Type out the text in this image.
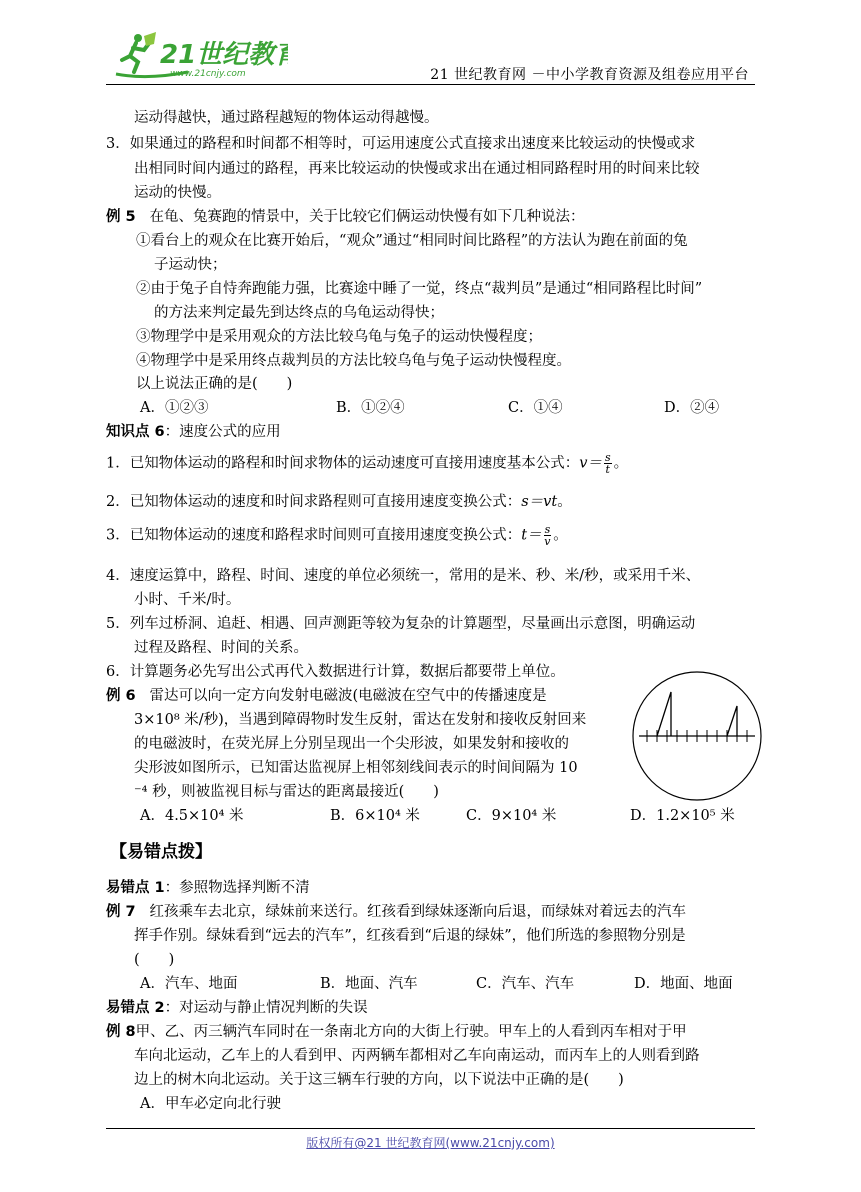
21世纪教育
www.21cnjy.com	21 世纪教育网 －中小学教育资源及组卷应用平台
运动得越快，通过路程越短的物体运动得越慢。
3．如果通过的路程和时间都不相等时，可运用速度公式直接求出速度来比较运动的快慢或求
出相同时间内通过的路程，再来比较运动的快慢或求出在通过相同路程时用的时间来比较
运动的快慢。
例 5 在龟、兔赛跑的情景中，关于比较它们俩运动快慢有如下几种说法：
①看台上的观众在比赛开始后，“观众”通过“相同时间比路程”的方法认为跑在前面的兔
子运动快；
②由于兔子自恃奔跑能力强，比赛途中睡了一觉，终点“裁判员”是通过“相同路程比时间”
的方法来判定最先到达终点的乌龟运动得快；
③物理学中是采用观众的方法比较乌龟与兔子的运动快慢程度；
④物理学中是采用终点裁判员的方法比较乌龟与兔子运动快慢程度。
以上说法正确的是(　　)
A．①②③	B．①②④	C．①④	D．②④
知识点 6：速度公式的应用
1．已知物体运动的路程和时间求物体的运动速度可直接用速度基本公式：$v= \frac{s}{t}$ 。
2．已知物体运动的速度和时间求路程则可直接用速度变换公式：s＝vt。
3．已知物体运动的速度和路程求时间则可直接用速度变换公式：$t= \frac{s}{v}$ 。
4．速度运算中，路程、时间、速度的单位必须统一，常用的是米、秒、米/秒，或采用千米、
小时、千米/时。
5．列车过桥洞、追赶、相遇、回声测距等较为复杂的计算题型，尽量画出示意图，明确运动
过程及路程、时间的关系。
6．计算题务必先写出公式再代入数据进行计算，数据后都要带上单位。
例 6 雷达可以向一定方向发射电磁波(电磁波在空气中的传播速度是
3×10⁸ 米/秒)，当遇到障碍物时发生反射，雷达在发射和接收反射回来
的电磁波时，在荧光屏上分别呈现出一个尖形波，如果发射和接收的
尖形波如图所示，已知雷达监视屏上相邻刻线间表示的时间间隔为 10
⁻⁴ 秒，则被监视目标与雷达的距离最接近(　　)
A．4.5×10⁴ 米	B．6×10⁴ 米	C．9×10⁴ 米	D．1.2×10⁵ 米
【易错点拨】
易错点 1：参照物选择判断不清
例 7 红孩乘车去北京，绿妹前来送行。红孩看到绿妹逐渐向后退，而绿妹对着远去的汽车
挥手作别。绿妹看到“远去的汽车”，红孩看到“后退的绿妹”，他们所选的参照物分别是
(　　)
A．汽车、地面	B．地面、汽车	C．汽车、汽车	D．地面、地面
易错点 2：对运动与静止情况判断的失误
例 8甲、乙、丙三辆汽车同时在一条南北方向的大街上行驶。甲车上的人看到丙车相对于甲
车向北运动，乙车上的人看到甲、丙两辆车都相对乙车向南运动，而丙车上的人则看到路
边上的树木向北运动。关于这三辆车行驶的方向，以下说法中正确的是(　　)
A．甲车必定向北行驶
版权所有@21 世纪教育网(www.21cnjy.com)
